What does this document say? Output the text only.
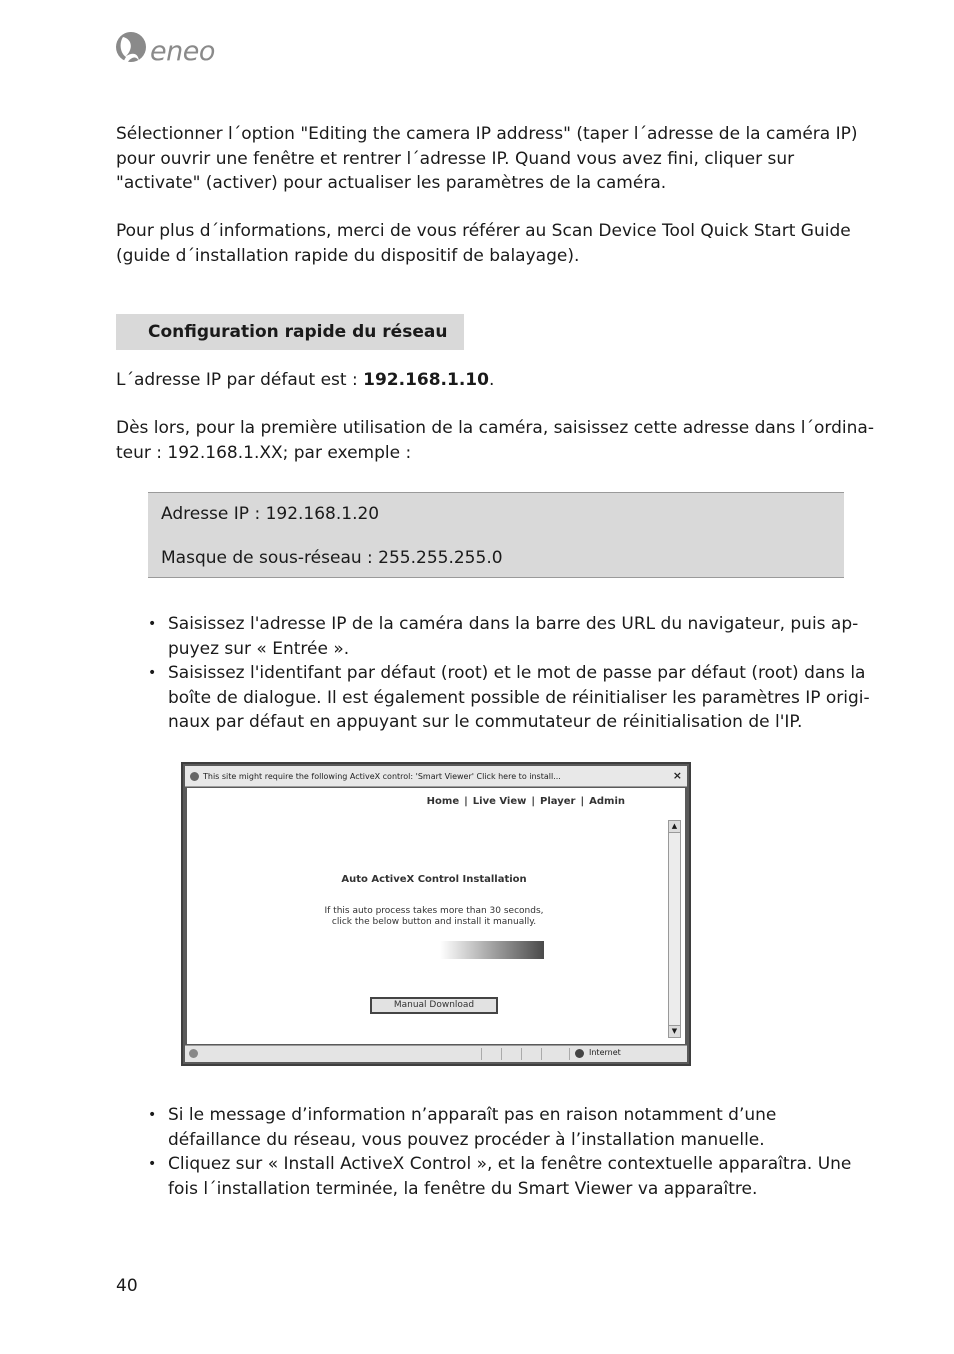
eneo

Sélectionner l´option "Editing the camera IP address" (taper l´adresse de la caméra IP) pour ouvrir une fenêtre et rentrer l´adresse IP. Quand vous avez fini, cliquer sur "activate" (activer) pour actualiser les paramètres de la caméra.

Pour plus d´informations, merci de vous référer au Scan Device Tool Quick Start Guide (guide d´installation rapide du dispositif de balayage).

Configuration rapide du réseau

L´adresse IP par défaut est : 192.168.1.10.

Dès lors, pour la première utilisation de la caméra, saisissez cette adresse dans l´ordina-teur : 192.168.1.XX; par exemple :

Adresse IP : 192.168.1.20
Masque de sous-réseau : 255.255.255.0
• Saisissez l'adresse IP de la caméra dans la barre des URL du navigateur, puis ap-puyez sur « Entrée ».
• Saisissez l'identifant par défaut (root) et le mot de passe par défaut (root) dans la boîte de dialogue. Il est également possible de réinitialiser les paramètres IP origi-naux par défaut en appuyant sur le commutateur de réinitialisation de l'IP.
This site might require the following ActiveX control: 'Smart Viewer' Click here to install...	×
Home | Live View | Player | Admin
▲
▼
Auto ActiveX Control Installation
If this auto process takes more than 30 seconds,
click the below button and install it manually.
Manual Download
Internet
• Si le message d’information n’apparaît pas en raison notamment d’une défaillance du réseau, vous pouvez procéder à l’installation manuelle.
• Cliquez sur « Install ActiveX Control », et la fenêtre contextuelle apparaîtra. Une fois l´installation terminée, la fenêtre du Smart Viewer va apparaître.
40
